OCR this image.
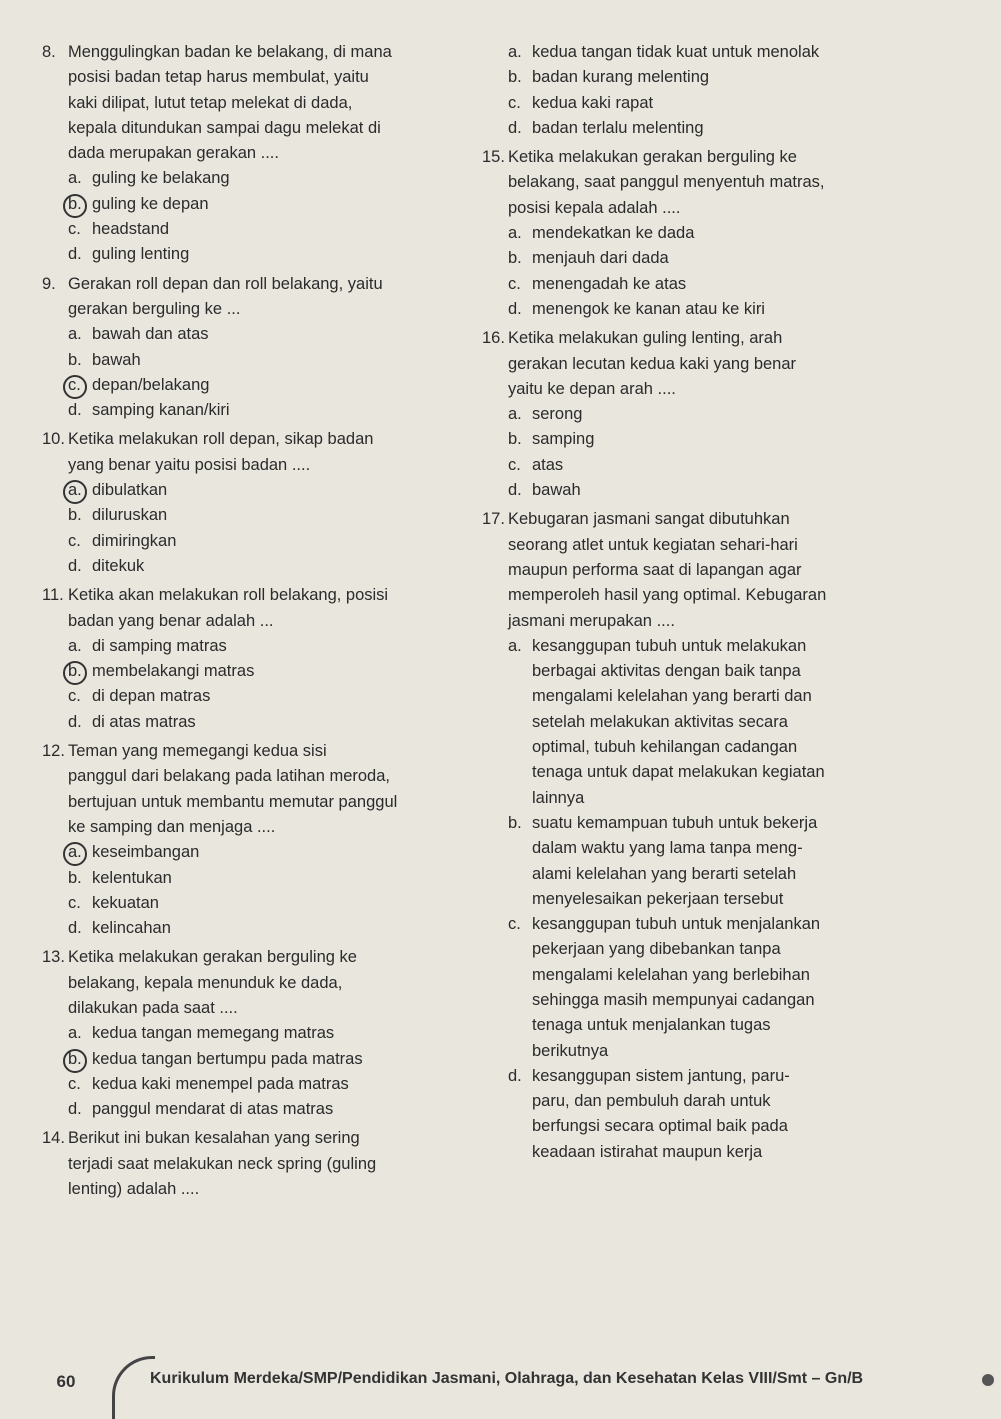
8. Menggulingkan badan ke belakang, di mana
posisi badan tetap harus membulat, yaitu
kaki dilipat, lutut tetap melekat di dada,
kepala ditundukan sampai dagu melekat di
dada merupakan gerakan ....
a. guling ke belakang
b. guling ke depan
c. headstand
d. guling lenting
9. Gerakan roll depan dan roll belakang, yaitu
gerakan berguling ke ...
a. bawah dan atas
b. bawah
c. depan/belakang
d. samping kanan/kiri
10. Ketika melakukan roll depan, sikap badan
yang benar yaitu posisi badan ....
a. dibulatkan
b. diluruskan
c. dimiringkan
d. ditekuk
11. Ketika akan melakukan roll belakang, posisi
badan yang benar adalah ...
a. di samping matras
b. membelakangi matras
c. di depan matras
d. di atas matras
12. Teman yang memegangi kedua sisi
panggul dari belakang pada latihan meroda,
bertujuan untuk membantu memutar panggul
ke samping dan menjaga ....
a. keseimbangan
b. kelentukan
c. kekuatan
d. kelincahan
13. Ketika melakukan gerakan berguling ke
belakang, kepala menunduk ke dada,
dilakukan pada saat ....
a. kedua tangan memegang matras
b. kedua tangan bertumpu pada matras
c. kedua kaki menempel pada matras
d. panggul mendarat di atas matras
14. Berikut ini bukan kesalahan yang sering
terjadi saat melakukan neck spring (guling
lenting) adalah ....
a. kedua tangan tidak kuat untuk menolak
b. badan kurang melenting
c. kedua kaki rapat
d. badan terlalu melenting
15. Ketika melakukan gerakan berguling ke
belakang, saat panggul menyentuh matras,
posisi kepala adalah ....
a. mendekatkan ke dada
b. menjauh dari dada
c. menengadah ke atas
d. menengok ke kanan atau ke kiri
16. Ketika melakukan guling lenting, arah
gerakan lecutan kedua kaki yang benar
yaitu ke depan arah ....
a. serong
b. samping
c. atas
d. bawah
17. Kebugaran jasmani sangat dibutuhkan
seorang atlet untuk kegiatan sehari-hari
maupun performa saat di lapangan agar
memperoleh hasil yang optimal. Kebugaran
jasmani merupakan ....
a. kesanggupan tubuh untuk melakukan
berbagai aktivitas dengan baik tanpa
mengalami kelelahan yang berarti dan
setelah melakukan aktivitas secara
optimal, tubuh kehilangan cadangan
tenaga untuk dapat melakukan kegiatan
lainnya
b. suatu kemampuan tubuh untuk bekerja
dalam waktu yang lama tanpa meng-
alami kelelahan yang berarti setelah
menyelesaikan pekerjaan tersebut
c. kesanggupan tubuh untuk menjalankan
pekerjaan yang dibebankan tanpa
mengalami kelelahan yang berlebihan
sehingga masih mempunyai cadangan
tenaga untuk menjalankan tugas
berikutnya
d. kesanggupan sistem jantung, paru-
paru, dan pembuluh darah untuk
berfungsi secara optimal baik pada
keadaan istirahat maupun kerja
60	Kurikulum Merdeka/SMP/Pendidikan Jasmani, Olahraga, dan Kesehatan Kelas VIII/Smt – Gn/B
